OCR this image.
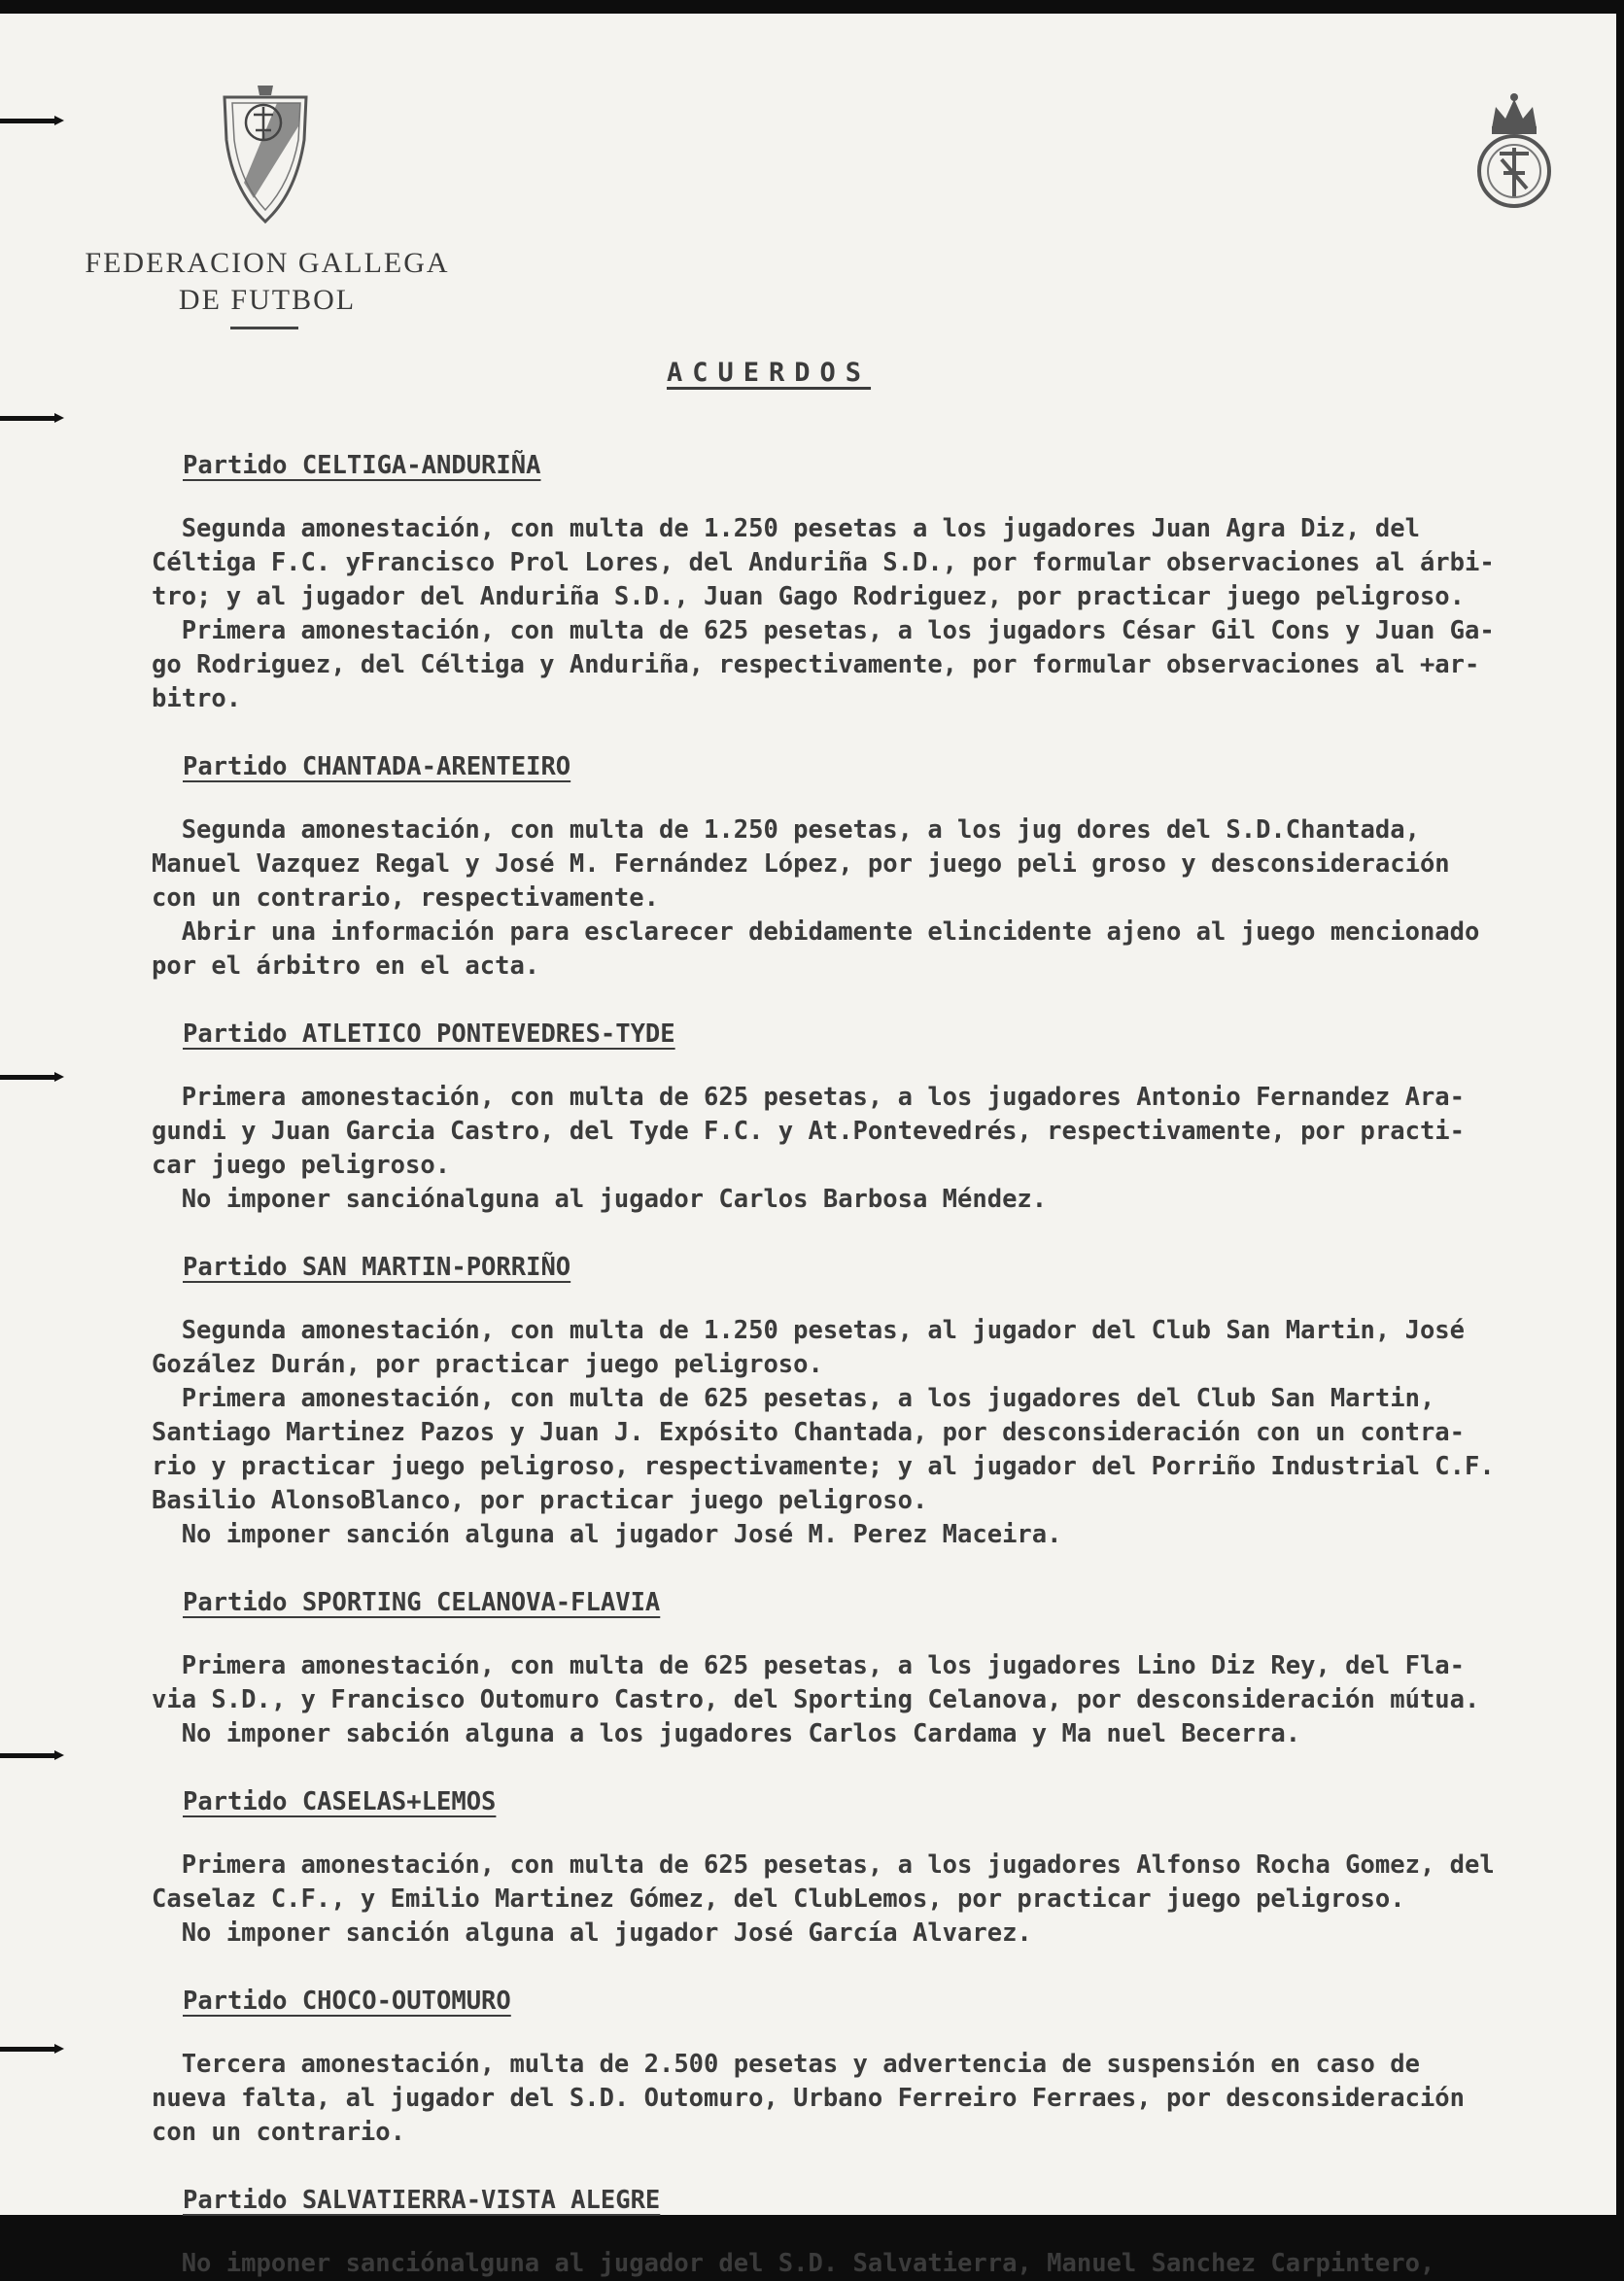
FEDERACION GALLEGA
DE FUTBOL
ACUERDOS
Partido CELTIGA-ANDURIÑA
Segunda amonestación, con multa de 1.250 pesetas a los jugadores Juan Agra Diz, del
Céltiga F.C. yFrancisco Prol Lores, del Anduriña S.D., por formular observaciones al árbi-
tro; y al jugador del Anduriña S.D., Juan Gago Rodriguez, por practicar juego peligroso.
Primera amonestación, con multa de 625 pesetas, a los jugadors César Gil Cons y Juan Ga-
go Rodriguez, del Céltiga y Anduriña, respectivamente, por formular observaciones al +ar-
bitro.
Partido CHANTADA-ARENTEIRO
Segunda amonestación, con multa de 1.250 pesetas, a los jug dores del S.D.Chantada,
Manuel Vazquez Regal y José M. Fernández López, por juego peli groso y desconsideración
con un contrario, respectivamente.
Abrir una información para esclarecer debidamente elincidente ajeno al juego mencionado
por el árbitro en el acta.
Partido ATLETICO PONTEVEDRES-TYDE
Primera amonestación, con multa de 625 pesetas, a los jugadores Antonio Fernandez Ara-
gundi y Juan Garcia Castro, del Tyde F.C. y At.Pontevedrés, respectivamente, por practi-
car juego peligroso.
No imponer sanciónalguna al jugador Carlos Barbosa Méndez.
Partido SAN MARTIN-PORRIÑO
Segunda amonestación, con multa de 1.250 pesetas, al jugador del Club San Martin, José
Gozález Durán, por practicar juego peligroso.
Primera amonestación, con multa de 625 pesetas, a los jugadores del Club San Martin,
Santiago Martinez Pazos y Juan J. Expósito Chantada, por desconsideración con un contra-
rio y practicar juego peligroso, respectivamente; y al jugador del Porriño Industrial C.F.
Basilio AlonsoBlanco, por practicar juego peligroso.
No imponer sanción alguna al jugador José M. Perez Maceira.
Partido SPORTING CELANOVA-FLAVIA
Primera amonestación, con multa de 625 pesetas, a los jugadores Lino Diz Rey, del Fla-
via S.D., y Francisco Outomuro Castro, del Sporting Celanova, por desconsideración mútua.
No imponer sabción alguna a los jugadores Carlos Cardama y Ma nuel Becerra.
Partido CASELAS+LEMOS
Primera amonestación, con multa de 625 pesetas, a los jugadores Alfonso Rocha Gomez, del
Caselaz C.F., y Emilio Martinez Gómez, del ClubLemos, por practicar juego peligroso.
No imponer sanción alguna al jugador José García Alvarez.
Partido CHOCO-OUTOMURO
Tercera amonestación, multa de 2.500 pesetas y advertencia de suspensión en caso de
nueva falta, al jugador del S.D. Outomuro, Urbano Ferreiro Ferraes, por desconsideración
con un contrario.
Partido SALVATIERRA-VISTA ALEGRE
No imponer sanciónalguna al jugador del S.D. Salvatierra, Manuel Sanchez Carpintero,
